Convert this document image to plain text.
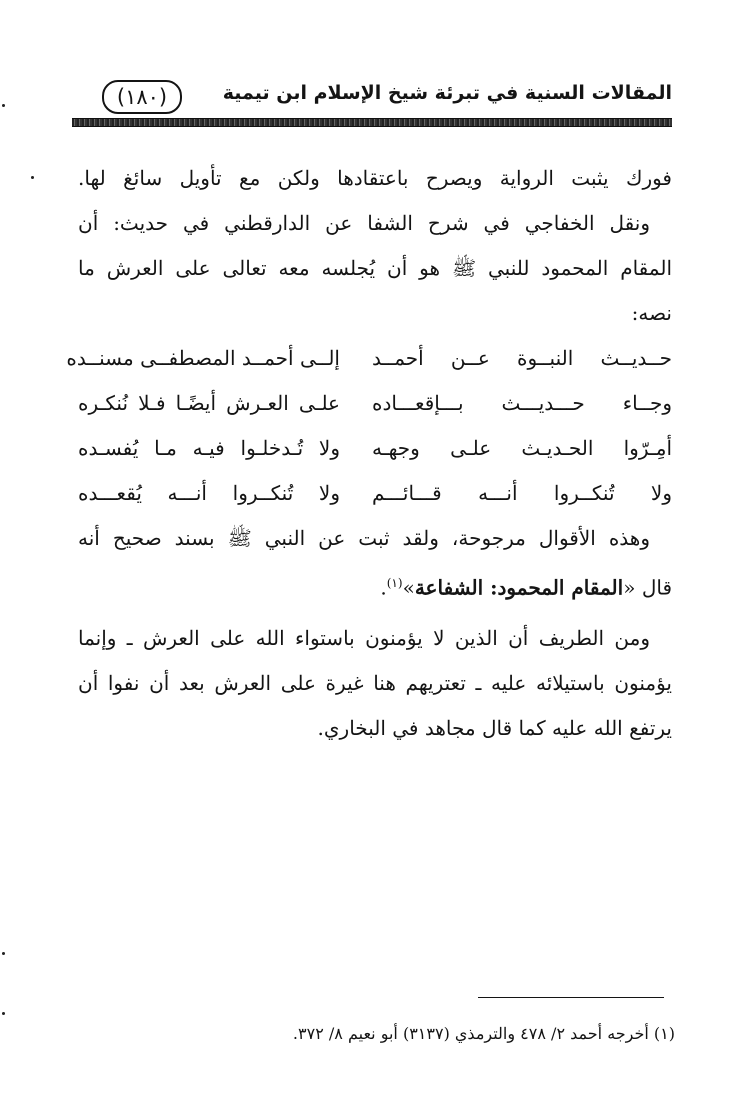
المقالات السنية في تبرئة شيخ الإسلام ابن تيمية
(١٨٠)
فورك يثبت الرواية ويصرح باعتقادها ولكن مع تأويل سائغ لها.
ونقل الخفاجي في شرح الشفا عن الدارقطني في حديث: أن
المقام المحمود للنبي ﷺ هو أن يُجلسه معه تعالى على العرش ما
نصه:
حــديــث النبــوة عــن أحمــد
إلــى أحمــد المصطفــى مسنــده
وجــاء حـــديـــث بـــإقعـــاده
علـى العـرش أيضًـا فـلا نُنكـره
أمِـرّوا الحـديـث علـى وجهـه
ولا تُـدخلـوا فيـه مـا يُفسـده
ولا تُنكــروا أنـــه قـــائـــم
ولا تُنكــروا أنـــه يُقعـــده
وهذه الأقوال مرجوحة، ولقد ثبت عن النبي ﷺ بسند صحيح أنه
قال «المقام المحمود: الشفاعة»$^{(١)}$.
ومن الطريف أن الذين لا يؤمنون باستواء الله على العرش ـ وإنما
يؤمنون باستيلائه عليه ـ تعتريهم هنا غيرة على العرش بعد أن نفوا أن
يرتفع الله عليه كما قال مجاهد في البخاري.
(١) أخرجه أحمد ٢/ ٤٧٨ والترمذي (٣١٣٧) أبو نعيم ٨/ ٣٧٢.
